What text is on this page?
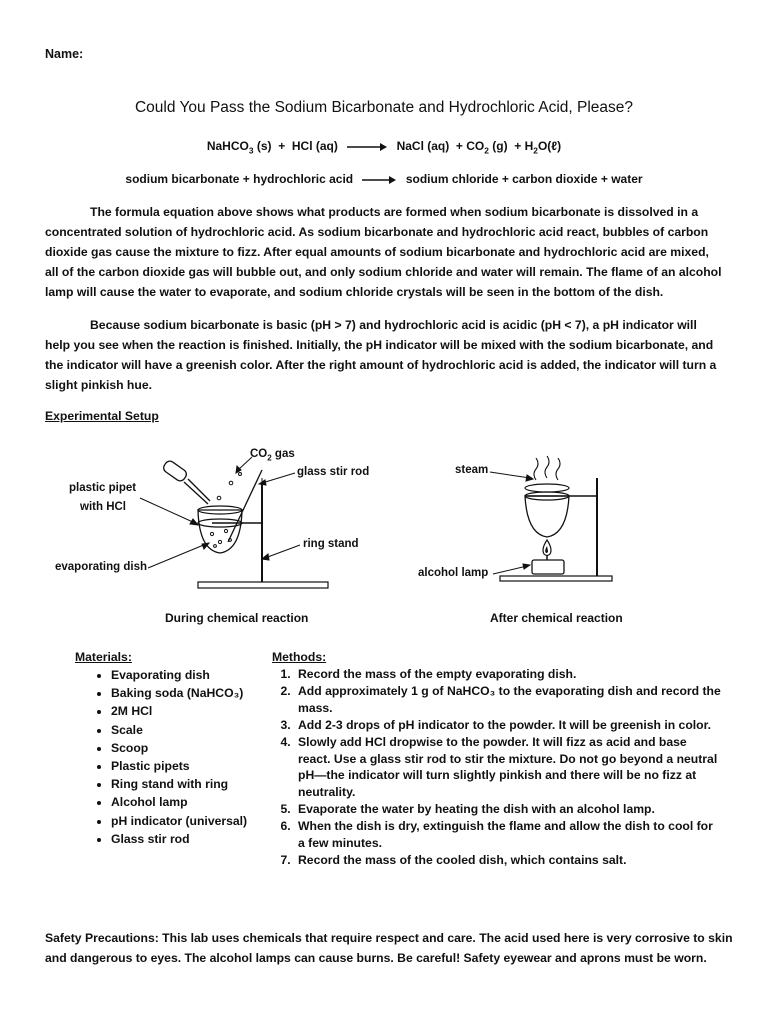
Name:
Could You Pass the Sodium Bicarbonate and Hydrochloric Acid, Please?
NaHCO$_3$ (s)  +  HCl (aq) → NaCl $(aq) + CO_2$ $(g) + H_2O(\ell)$
sodium bicarbonate + hydrochloric acid → sodium chloride + carbon dioxide + water

The formula equation above shows what products are formed when sodium bicarbonate is dissolved in a concentrated solution of hydrochloric acid. As sodium bicarbonate and hydrochloric acid react, bubbles of carbon dioxide gas cause the mixture to fizz. After equal amounts of sodium bicarbonate and hydrochloric acid are mixed, all of the carbon dioxide gas will bubble out, and only sodium chloride and water will remain. The flame of an alcohol lamp will cause the water to evaporate, and sodium chloride crystals will be seen in the bottom of the dish.

Because sodium bicarbonate is basic (pH > 7) and hydrochloric acid is acidic (pH < 7), a pH indicator will help you see when the reaction is finished. Initially, the pH indicator will be mixed with the sodium bicarbonate, and the indicator will have a greenish color. After the right amount of hydrochloric acid is added, the indicator will turn a slight pinkish hue.

Experimental Setup
$CO_2$ gas
glass stir rod
plastic pipet
with HCl
ring stand
evaporating dish
steam
alcohol lamp
During chemical reaction	After chemical reaction
Materials:
• Evaporating dish
• Baking soda (NaHCO₃)
• 2M HCl
• Scale
• Scoop
• Plastic pipets
• Ring stand with ring
• Alcohol lamp
• pH indicator (universal)
• Glass stir rod
Methods:
1. Record the mass of the empty evaporating dish.
2. Add approximately 1 g of NaHCO₃ to the evaporating dish and record the mass.
3. Add 2-3 drops of pH indicator to the powder. It will be greenish in color.
4. Slowly add HCl dropwise to the powder. It will fizz as acid and base react. Use a glass stir rod to stir the mixture. Do not go beyond a neutral pH—the indicator will turn slightly pinkish and there will be no fizz at neutrality.
5. Evaporate the water by heating the dish with an alcohol lamp.
6. When the dish is dry, extinguish the flame and allow the dish to cool for a few minutes.
7. Record the mass of the cooled dish, which contains salt.
Safety Precautions: This lab uses chemicals that require respect and care. The acid used here is very corrosive to skin and dangerous to eyes. The alcohol lamps can cause burns. Be careful! Safety eyewear and aprons must be worn.
